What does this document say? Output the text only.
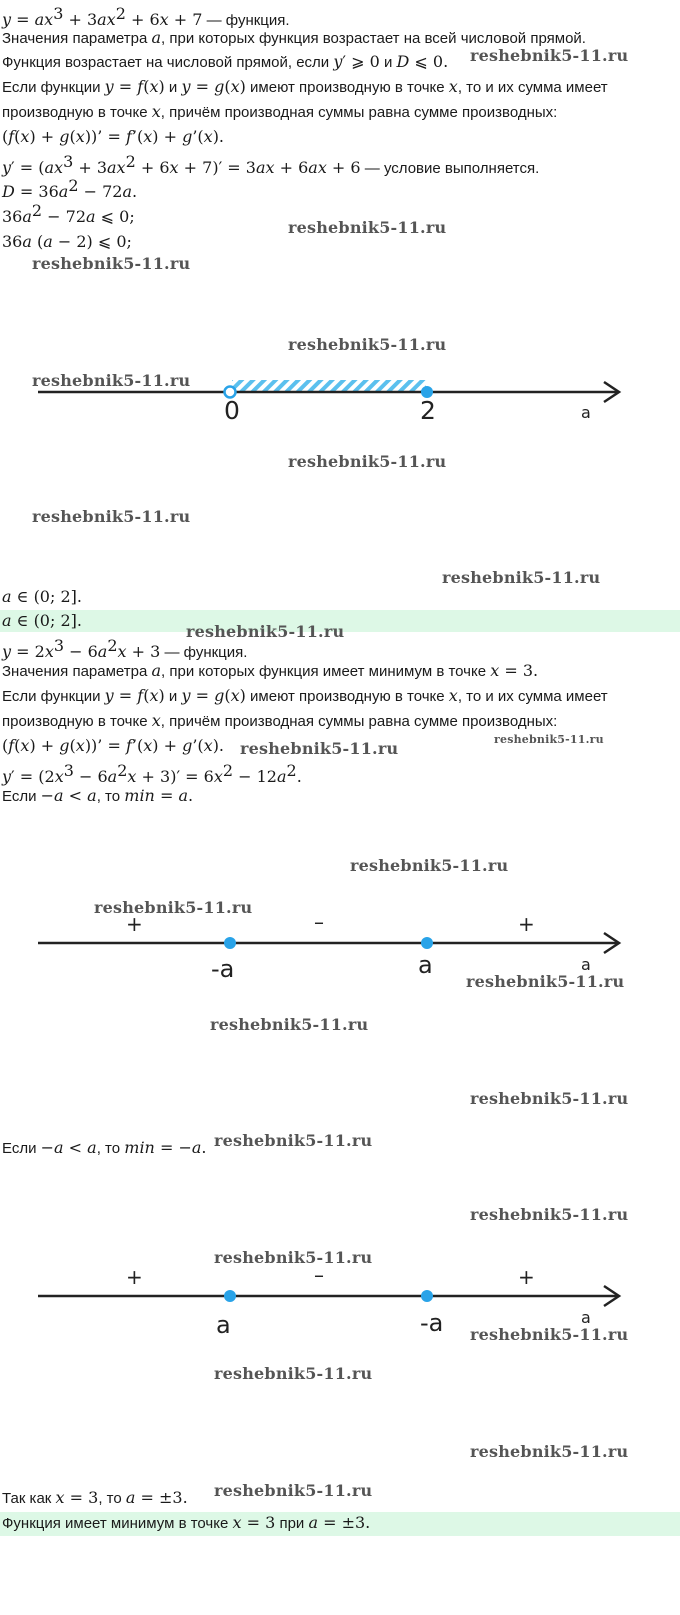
$y = ax^3 + 3ax^2 + 6x + 7$ — функция.
Значения параметра a, при которых функция возрастает на всей числовой прямой.
Функция возрастает на числовой прямой, если y′ ⩾ 0 и D ⩽ 0.
Если функции y = f(x) и y = g(x) имеют производную в точке x, то и их сумма имеет
производную в точке x, причём производная суммы равна сумме производных:
(f(x) + g(x))’ = f’(x) + g’(x).
$y' = (ax^3 + 3ax^2 + 6x + 7)' = 3ax + 6ax + 6$ — условие выполняется.
$D = 36a^2 - 72a$.
$36a^2 - 72a$ ⩽ 0;
36a (a − 2) ⩽ 0;
0	2	a
a ∈ (0; 2].
a ∈ (0; 2].
$y = 2x^3 - 6a^2x + 3$ — функция.
Значения параметра a, при которых функция имеет минимум в точке x = 3.
Если функции y = f(x) и y = g(x) имеют производную в точке x, то и их сумма имеет
производную в точке x, причём производная суммы равна сумме производных:
(f(x) + g(x))’ = f’(x) + g’(x).
$y' = (2x^3 - 6a^2x + 3)' = 6x^2 - 12a^2$.
Если −a < a, то min = a.
+	–	+
-a	a	a
Если −a < a, то min = −a.
+	–	+
a	-a	a
Так как x = 3, то a = ±3.
Функция имеет минимум в точке x = 3 при a = ±3.
reshebnik5-11.ru
reshebnik5-11.ru
reshebnik5-11.ru
reshebnik5-11.ru
reshebnik5-11.ru
reshebnik5-11.ru
reshebnik5-11.ru
reshebnik5-11.ru
reshebnik5-11.ru
reshebnik5-11.ru
reshebnik5-11.ru
reshebnik5-11.ru
reshebnik5-11.ru
reshebnik5-11.ru
reshebnik5-11.ru
reshebnik5-11.ru
reshebnik5-11.ru
reshebnik5-11.ru
reshebnik5-11.ru
reshebnik5-11.ru
reshebnik5-11.ru
reshebnik5-11.ru
reshebnik5-11.ru
